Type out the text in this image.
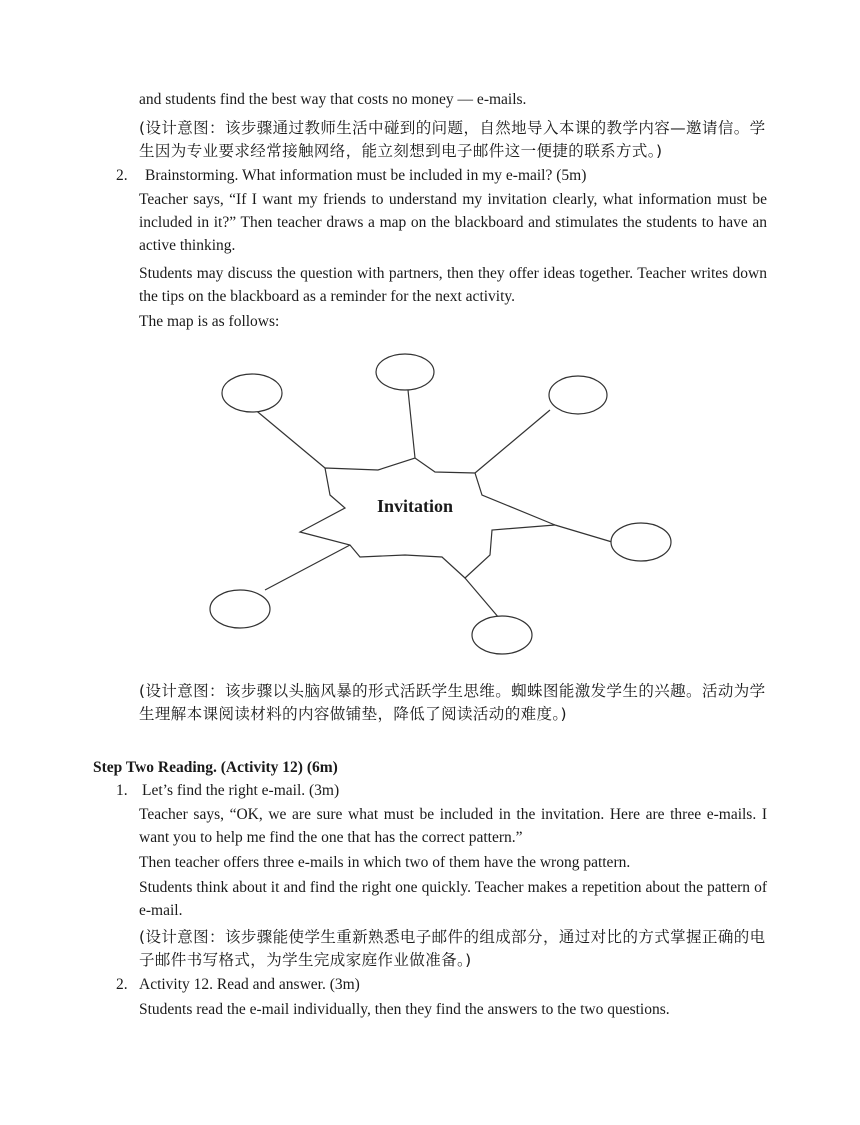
and students find the best way that costs no money — e-mails.

(设计意图：该步骤通过教师生活中碰到的问题，自然地导入本课的教学内容—邀请信。学生因为专业要求经常接触网络，能立刻想到电子邮件这一便捷的联系方式。)

2. Brainstorming. What information must be included in my e-mail? (5m)

Teacher says, “If I want my friends to understand my invitation clearly, what information must be included in it?” Then teacher draws a map on the blackboard and stimulates the students to have an active thinking.

Students may discuss the question with partners, then they offer ideas together. Teacher writes down the tips on the blackboard as a reminder for the next activity.

The map is as follows:

Invitation

(设计意图：该步骤以头脑风暴的形式活跃学生思维。蜘蛛图能激发学生的兴趣。活动为学生理解本课阅读材料的内容做铺垫，降低了阅读活动的难度。)

Step Two Reading. (Activity 12) (6m)

1. Let’s find the right e-mail. (3m)

Teacher says, “OK, we are sure what must be included in the invitation. Here are three e-mails. I want you to help me find the one that has the correct pattern.”

Then teacher offers three e-mails in which two of them have the wrong pattern.

Students think about it and find the right one quickly. Teacher makes a repetition about the pattern of e-mail.

(设计意图：该步骤能使学生重新熟悉电子邮件的组成部分，通过对比的方式掌握正确的电子邮件书写格式，为学生完成家庭作业做准备。)

2. Activity 12. Read and answer. (3m)

Students read the e-mail individually, then they find the answers to the two questions.
